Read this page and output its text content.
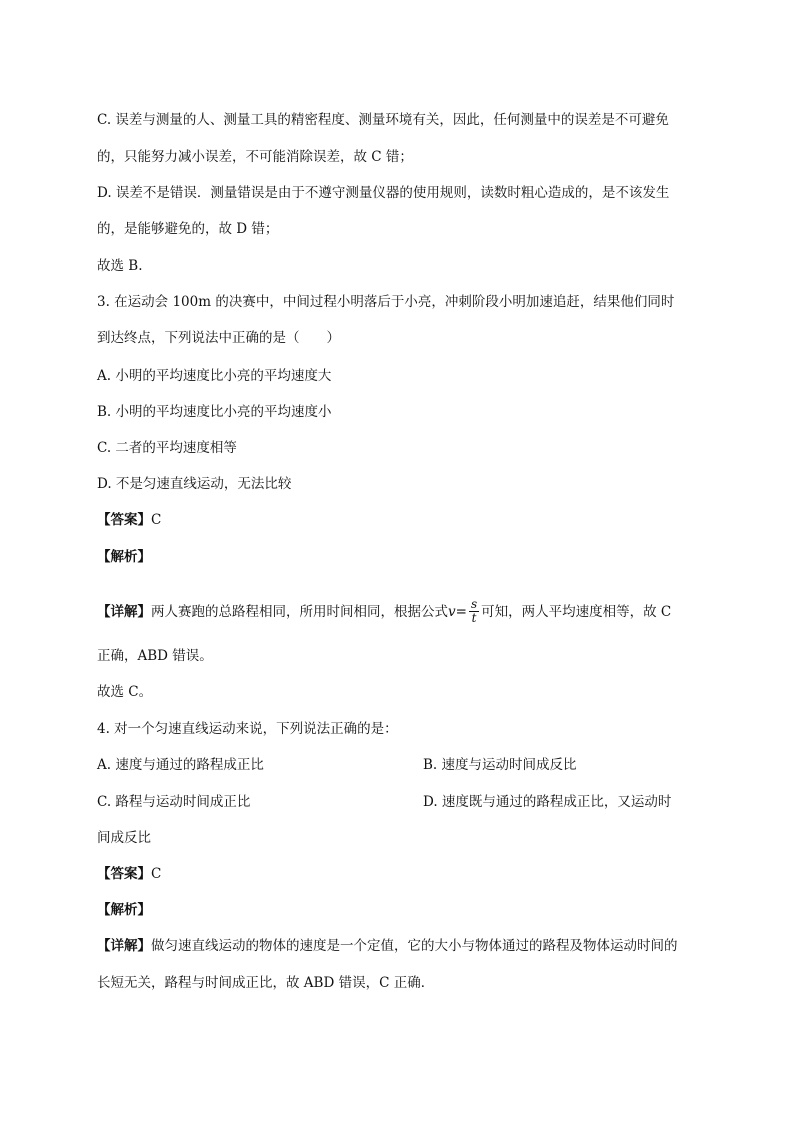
C. 误差与测量的人、测量工具的精密程度、测量环境有关，因此，任何测量中的误差是不可避免
的，只能努力减小误差，不可能消除误差，故 C 错；
D. 误差不是错误．测量错误是由于不遵守测量仪器的使用规则，读数时粗心造成的，是不该发生
的，是能够避免的，故 D 错；
故选 B.
3. 在运动会 100m 的决赛中，中间过程小明落后于小亮，冲刺阶段小明加速追赶，结果他们同时
到达终点，下列说法中正确的是（　　）
A. 小明的平均速度比小亮的平均速度大
B. 小明的平均速度比小亮的平均速度小
C. 二者的平均速度相等
D. 不是匀速直线运动，无法比较
【答案】C
【解析】
【详解】两人赛跑的总路程相同，所用时间相同，根据公式$v= \frac{s}{t}$ 可知，两人平均速度相等，故 C
正确，ABD 错误。
故选 C。
4. 对一个匀速直线运动来说，下列说法正确的是：
A. 速度与通过的路程成正比	B. 速度与运动时间成反比
C. 路程与运动时间成正比	D. 速度既与通过的路程成正比，又运动时
间成反比
【答案】C
【解析】
【详解】做匀速直线运动的物体的速度是一个定值，它的大小与物体通过的路程及物体运动时间的
长短无关，路程与时间成正比，故 ABD 错误，C 正确．
